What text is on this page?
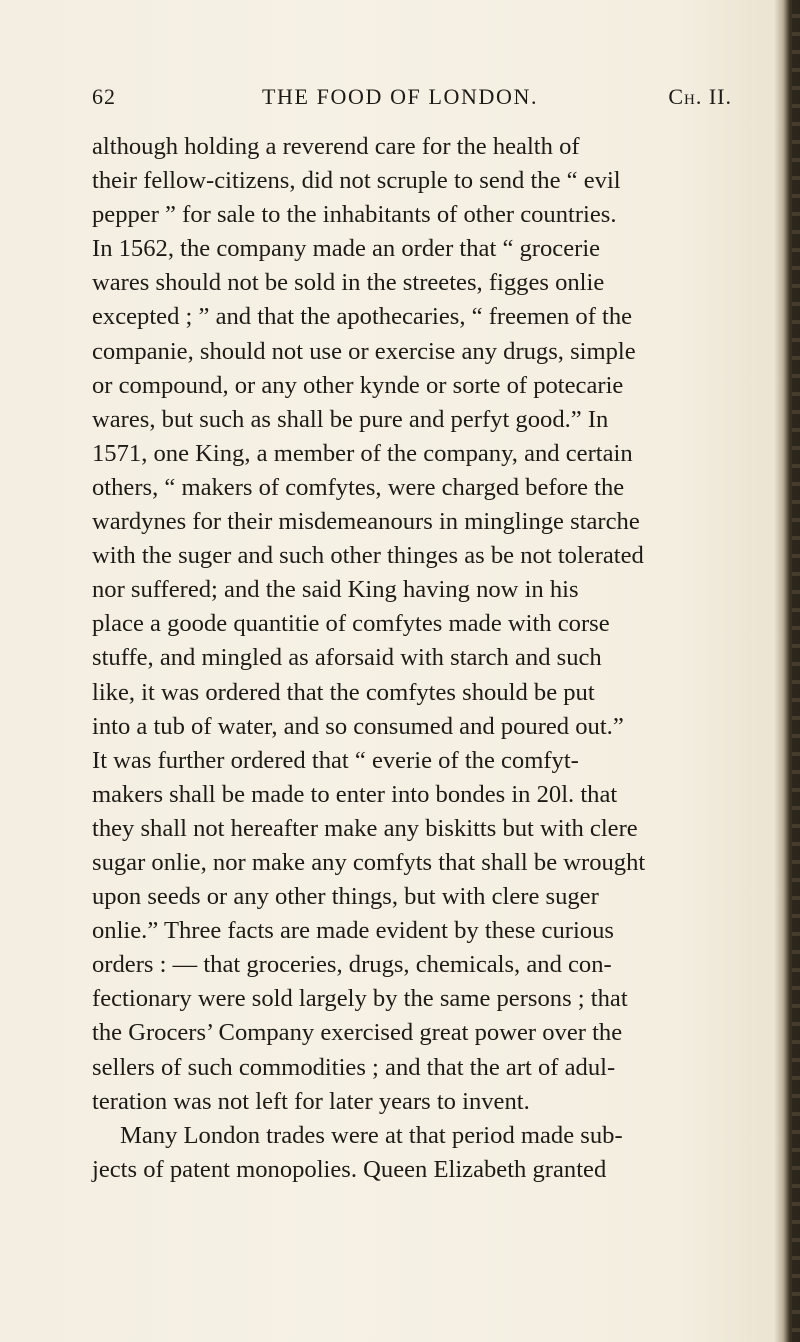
62	THE FOOD OF LONDON.	Ch. II.
although holding a reverend care for the health of
their fellow-citizens, did not scruple to send the “ evil
pepper ” for sale to the inhabitants of other countries.
In 1562, the company made an order that “ grocerie
wares should not be sold in the streetes, figges onlie
excepted ; ” and that the apothecaries, “ freemen of the
companie, should not use or exercise any drugs, simple
or compound, or any other kynde or sorte of potecarie
wares, but such as shall be pure and perfyt good.” In
1571, one King, a member of the company, and certain
others, “ makers of comfytes, were charged before the
wardynes for their misdemeanours in minglinge starche
with the suger and such other thinges as be not tolerated
nor suffered; and the said King having now in his
place a goode quantitie of comfytes made with corse
stuffe, and mingled as aforsaid with starch and such
like, it was ordered that the comfytes should be put
into a tub of water, and so consumed and poured out.”
It was further ordered that “ everie of the comfyt-
makers shall be made to enter into bondes in 20l. that
they shall not hereafter make any biskitts but with clere
sugar onlie, nor make any comfyts that shall be wrought
upon seeds or any other things, but with clere suger
onlie.” Three facts are made evident by these curious
orders : — that groceries, drugs, chemicals, and con-
fectionary were sold largely by the same persons ; that
the Grocers’ Company exercised great power over the
sellers of such commodities ; and that the art of adul-
teration was not left for later years to invent.
Many London trades were at that period made sub-
jects of patent monopolies. Queen Elizabeth granted
